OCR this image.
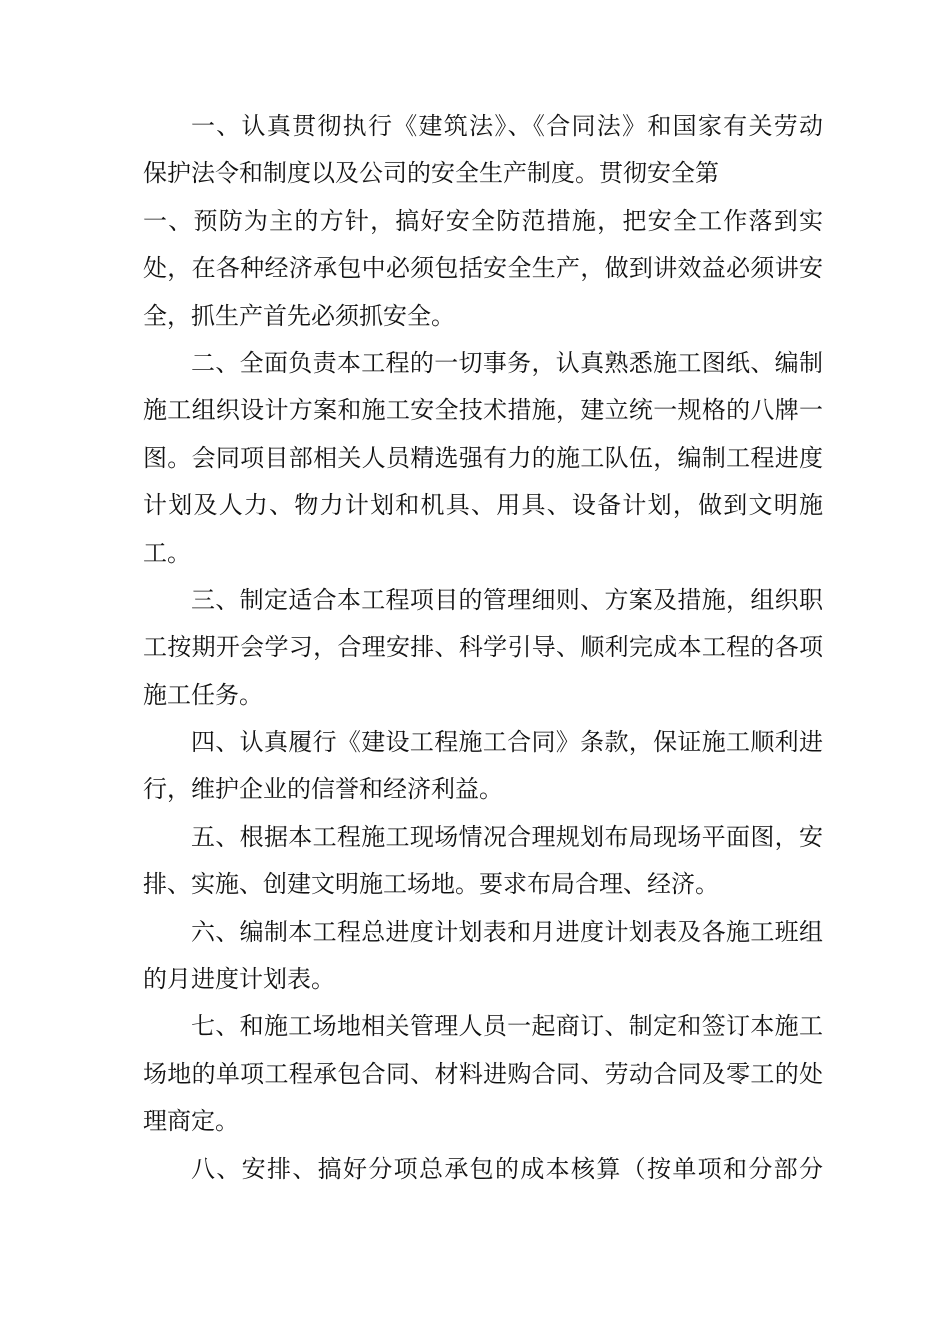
一、认真贯彻执行《建筑法》、《合同法》和国家有关劳动
保护法令和制度以及公司的安全生产制度。贯彻安全第
一、预防为主的方针，搞好安全防范措施，把安全工作落到实
处，在各种经济承包中必须包括安全生产，做到讲效益必须讲安
全，抓生产首先必须抓安全。
二、全面负责本工程的一切事务，认真熟悉施工图纸、编制
施工组织设计方案和施工安全技术措施，建立统一规格的八牌一
图。会同项目部相关人员精选强有力的施工队伍，编制工程进度
计划及人力、物力计划和机具、用具、设备计划，做到文明施
工。
三、制定适合本工程项目的管理细则、方案及措施，组织职
工按期开会学习，合理安排、科学引导、顺利完成本工程的各项
施工任务。
四、认真履行《建设工程施工合同》条款，保证施工顺利进
行，维护企业的信誉和经济利益。
五、根据本工程施工现场情况合理规划布局现场平面图，安
排、实施、创建文明施工场地。要求布局合理、经济。
六、编制本工程总进度计划表和月进度计划表及各施工班组
的月进度计划表。
七、和施工场地相关管理人员一起商订、制定和签订本施工
场地的单项工程承包合同、材料进购合同、劳动合同及零工的处
理商定。
八、安排、搞好分项总承包的成本核算（按单项和分部分
